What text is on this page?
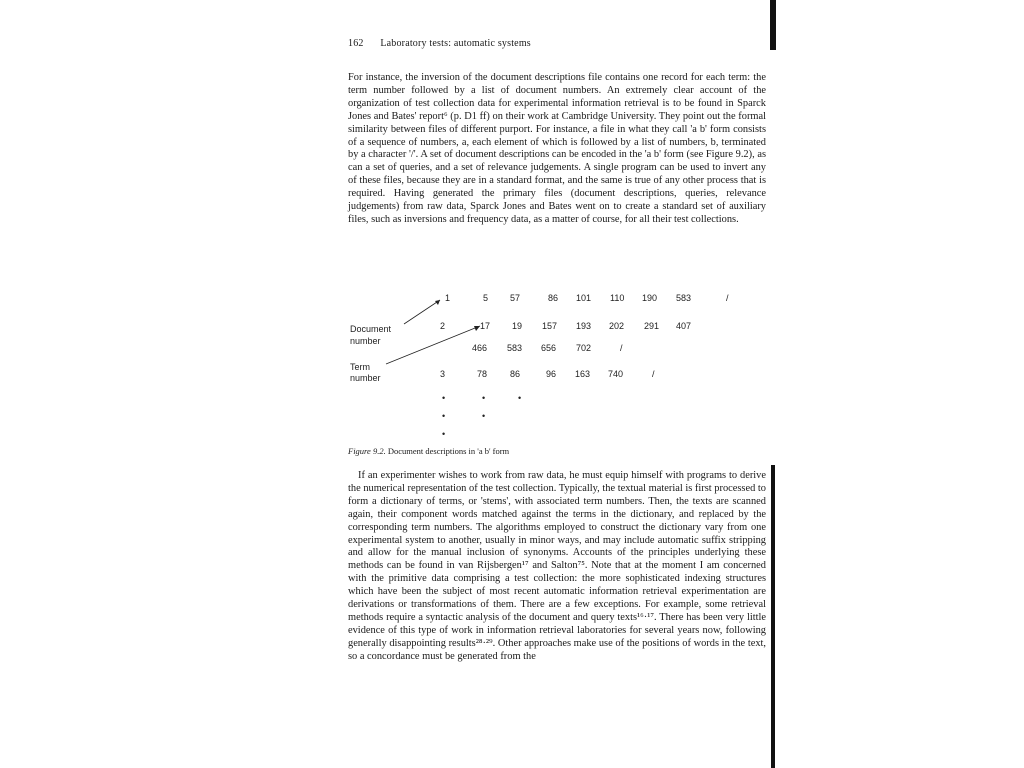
162 Laboratory tests: automatic systems

For instance, the inversion of the document descriptions file contains one record for each term: the term number followed by a list of document numbers. An extremely clear account of the organization of test collection data for experimental information retrieval is to be found in Sparck Jones and Bates' report⁶ (p. D1 ff) on their work at Cambridge University. They point out the formal similarity between files of different purport. For instance, a file in what they call 'a b' form consists of a sequence of numbers, a, each element of which is followed by a list of numbers, b, terminated by a character '/'. A set of document descriptions can be encoded in the 'a b' form (see Figure 9.2), as can a set of queries, and a set of relevance judgements. A single program can be used to invert any of these files, because they are in a standard format, and the same is true of any other process that is required. Having generated the primary files (document descriptions, queries, relevance judgements) from raw data, Sparck Jones and Bates went on to create a standard set of auxiliary files, such as inversions and frequency data, as a matter of course, for all their test collections.

Document
number
Term
number
1	5 57	86 101 110 190 583	/
2	17 19 157 193 202 291 407
466 583 656 702	/
3	78	86	96 163 740	/
•	•	•
•	•
•
Figure 9.2. Document descriptions in 'a b' form

If an experimenter wishes to work from raw data, he must equip himself with programs to derive the numerical representation of the test collection. Typically, the textual material is first processed to form a dictionary of terms, or 'stems', with associated term numbers. Then, the texts are scanned again, their component words matched against the terms in the dictionary, and replaced by the corresponding term numbers. The algorithms employed to construct the dictionary vary from one experimental system to another, usually in minor ways, and may include automatic suffix stripping and allow for the manual inclusion of synonyms. Accounts of the principles underlying these methods can be found in van Rijsbergen¹⁷ and Salton⁷⁵. Note that at the moment I am concerned with the primitive data comprising a test collection: the more sophisticated indexing structures which have been the subject of most recent automatic information retrieval experimentation are derivations or transformations of them. There are a few exceptions. For example, some retrieval methods require a syntactic analysis of the document and query texts¹⁶·¹⁷. There has been very little evidence of this type of work in information retrieval laboratories for several years now, following generally disappointing results²⁸·²⁹. Other approaches make use of the positions of words in the text, so a concordance must be generated from the
